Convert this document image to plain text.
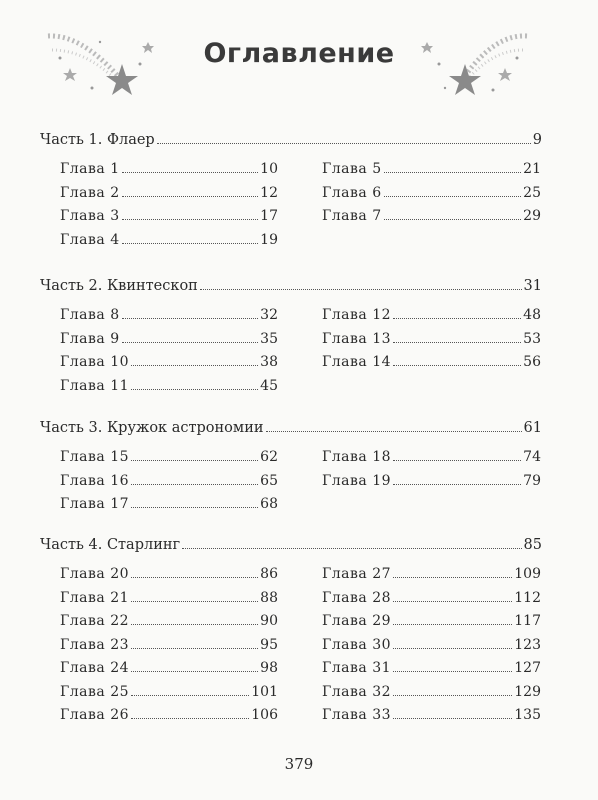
Оглавление
Часть 1. Флаер	9
Глава 1	10
Глава 2	12
Глава 3	17
Глава 4	19
Глава 5	21
Глава 6	25
Глава 7	29
Часть 2. Квинтескоп	31
Глава 8	32
Глава 9	35
Глава 10	38
Глава 11	45
Глава 12	48
Глава 13	53
Глава 14	56
Часть 3. Кружок астрономии	61
Глава 15	62
Глава 16	65
Глава 17	68
Глава 18	74
Глава 19	79
Часть 4. Старлинг	85
Глава 20	86
Глава 21	88
Глава 22	90
Глава 23	95
Глава 24	98
Глава 25	101
Глава 26	106
Глава 27	109
Глава 28	112
Глава 29	117
Глава 30	123
Глава 31	127
Глава 32	129
Глава 33	135
379
